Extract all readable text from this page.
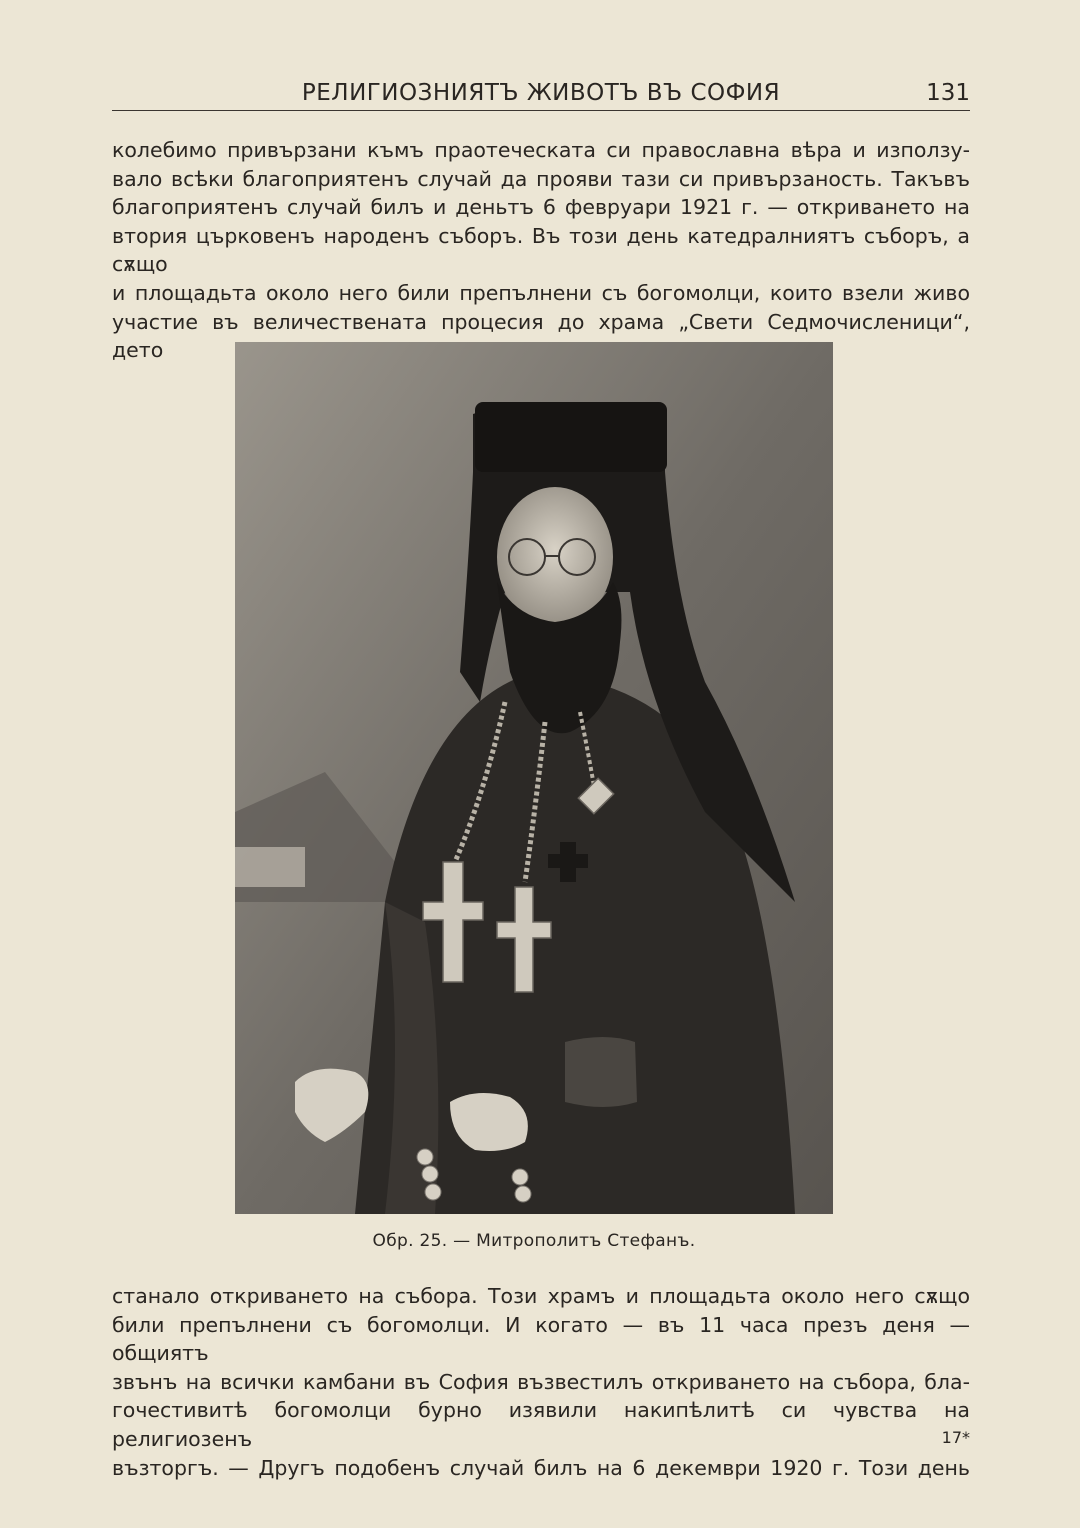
РЕЛИГИОЗНИЯТЪ ЖИВОТЪ ВЪ СОФИЯ	131

колебимо привързани къмъ праотеческата си православна вѣра и използу-

вало всѣки благоприятенъ случай да прояви тази си привързаность. Такъвъ

благоприятенъ случай билъ и деньтъ 6 февруари 1921 г. — откриването на

втория църковенъ народенъ съборъ. Въ този день катедралниятъ съборъ, а сѫщо

и площадьта около него били препълнени съ богомолци, които взели живо

участие въ величествената процесия до храма „Свети Седмочисленици“, дето

Обр. 25. — Митрополитъ Стефанъ.

станало откриването на събора. Този храмъ и площадьта около него сѫщо

били препълнени съ богомолци. И когато — въ 11 часа презъ деня — общиятъ

звънъ на всички камбани въ София възвестилъ откриването на събора, бла-

гочестивитѣ богомолци бурно изявили накипѣлитѣ си чувства на религиозенъ

възторгъ. — Другъ подобенъ случай билъ на 6 декември 1920 г. Този день

17*
